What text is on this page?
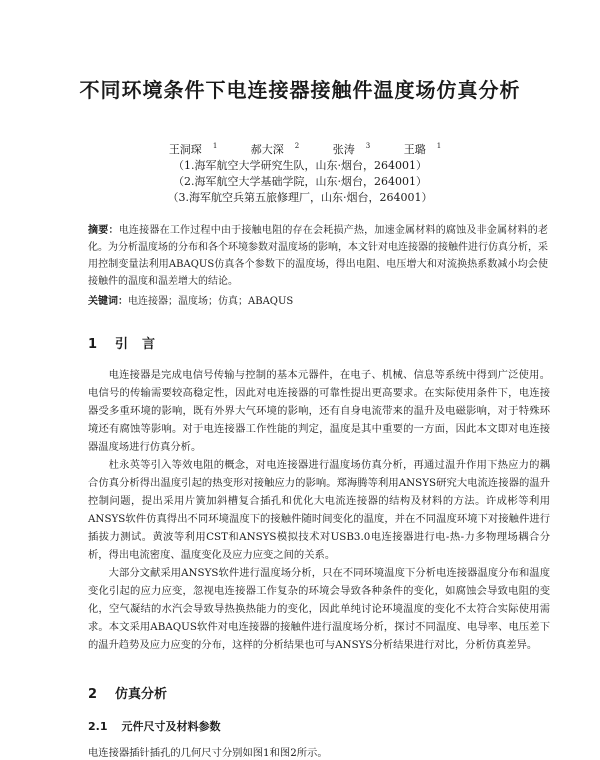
不同环境条件下电连接器接触件温度场仿真分析
王洞琛 $^1$	郝大深 $^2$	张涛 $^3$	王璐 $^1$
（1.海军航空大学研究生队，山东·烟台，264001）
（2.海军航空大学基础学院，山东·烟台，264001）
（3.海军航空兵第五旅修理厂，山东·烟台，264001）
摘要：电连接器在工作过程中由于接触电阻的存在会耗损产热，加速金属材料的腐蚀及非金属材料的老化。为分析温度场的分布和各个环境参数对温度场的影响，本文针对电连接器的接触件进行仿真分析，采用控制变量法利用ABAQUS仿真各个参数下的温度场，得出电阻、电压增大和对流换热系数减小均会使接触件的温度和温差增大的结论。
关键词：电连接器；温度场；仿真；ABAQUS
1 引言

电连接器是完成电信号传输与控制的基本元器件，在电子、机械、信息等系统中得到广泛使用。电信号的传输需要较高稳定性，因此对电连接器的可靠性提出更高要求。在实际使用条件下，电连接器受多重环境的影响，既有外界大气环境的影响，还有自身电流带来的温升及电磁影响，对于特殊环境还有腐蚀等影响。对于电连接器工作性能的判定，温度是其中重要的一方面，因此本文即对电连接器温度场进行仿真分析。

杜永英等引入等效电阻的概念，对电连接器进行温度场仿真分析，再通过温升作用下热应力的耦合仿真分析得出温度引起的热变形对接触应力的影响。郑海腾等利用ANSYS研究大电流连接器的温升控制问题，提出采用片簧加斜槽复合插孔和优化大电流连接器的结构及材料的方法。许成彬等利用ANSYS软件仿真得出不同环境温度下的接触件随时间变化的温度，并在不同温度环境下对接触件进行插拔力测试。黄波等利用CST和ANSYS模拟技术对USB3.0电连接器进行电-热-力多物理场耦合分析，得出电流密度、温度变化及应力应变之间的关系。

大部分文献采用ANSYS软件进行温度场分析，只在不同环境温度下分析电连接器温度分布和温度变化引起的应力应变，忽视电连接器工作复杂的环境会导致各种条件的变化，如腐蚀会导致电阻的变化，空气凝结的水汽会导致导热换热能力的变化，因此单纯讨论环境温度的变化不太符合实际使用需求。本文采用ABAQUS软件对电连接器的接触件进行温度场分析，探讨不同温度、电导率、电压差下的温升趋势及应力应变的分布，这样的分析结果也可与ANSYS分析结果进行对比，分析仿真差异。

2 仿真分析
2.1 元件尺寸及材料参数

电连接器插针插孔的几何尺寸分别如图1和图2所示。
